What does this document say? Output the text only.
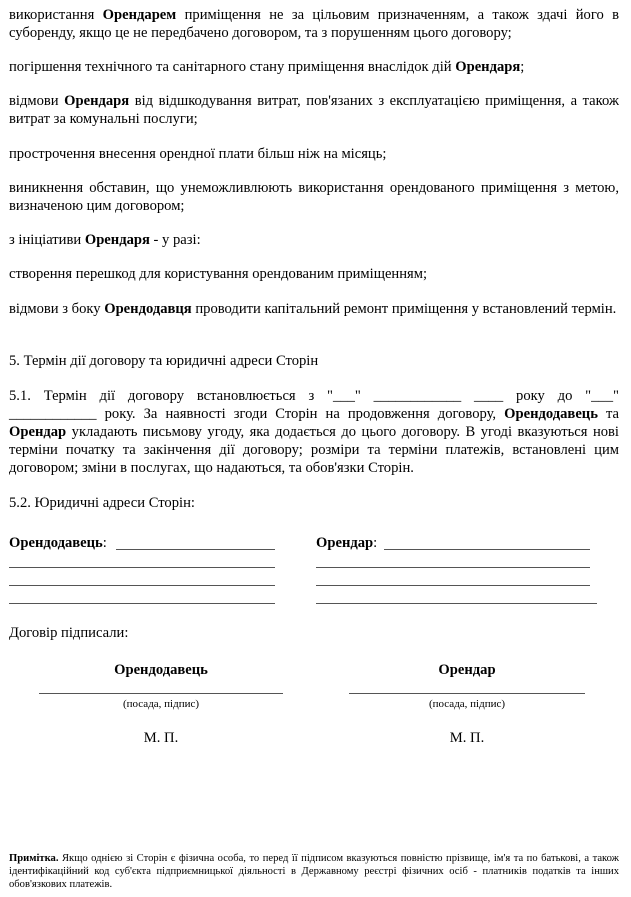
використання Орендарем приміщення не за цільовим призначенням, а також здачі його в суборенду, якщо це не передбачено договором, та з порушенням цього договору;

погіршення технічного та санітарного стану приміщення внаслідок дій Орендаря;

відмови Орендаря від відшкодування витрат, пов'язаних з експлуатацією приміщення, а також витрат за комунальні послуги;

прострочення внесення орендної плати більш ніж на місяць;

виникнення обставин, що унеможливлюють використання орендованого приміщення з метою, визначеною цим договором;

з ініціативи Орендаря - у разі:

створення перешкод для користування орендованим приміщенням;

відмови з боку Орендодавця проводити капітальний ремонт приміщення у встановлений термін.

5. Термін дії договору та юридичні адреси Сторін

5.1. Термін дії договору встановлюється з "___" ____________ ____ року до "___"

____________ року. За наявності згоди Сторін на продовження договору, Орендодавець та Орендар укладають письмову угоду, яка додається до цього договору. В угоді вказуються нові терміни початку та закінчення дії договору; розміри та терміни платежів, встановлені цим договором; зміни в послугах, що надаються, та обов'язки Сторін.

5.2. Юридичні адреси Сторін:

Орендодавець:	Орендар:

Договір підписали:

Орендодавець
(посада, підпис)
М. П.
Орендар
(посада, підпис)
М. П.
Примітка. Якщо однією зі Сторін є фізична особа, то перед її підписом вказуються повністю прізвище, ім'я та по батькові, а також ідентифікаційний код суб'єкта підприємницької діяльності в Державному реєстрі фізичних осіб - платників податків та інших обов'язкових платежів.
